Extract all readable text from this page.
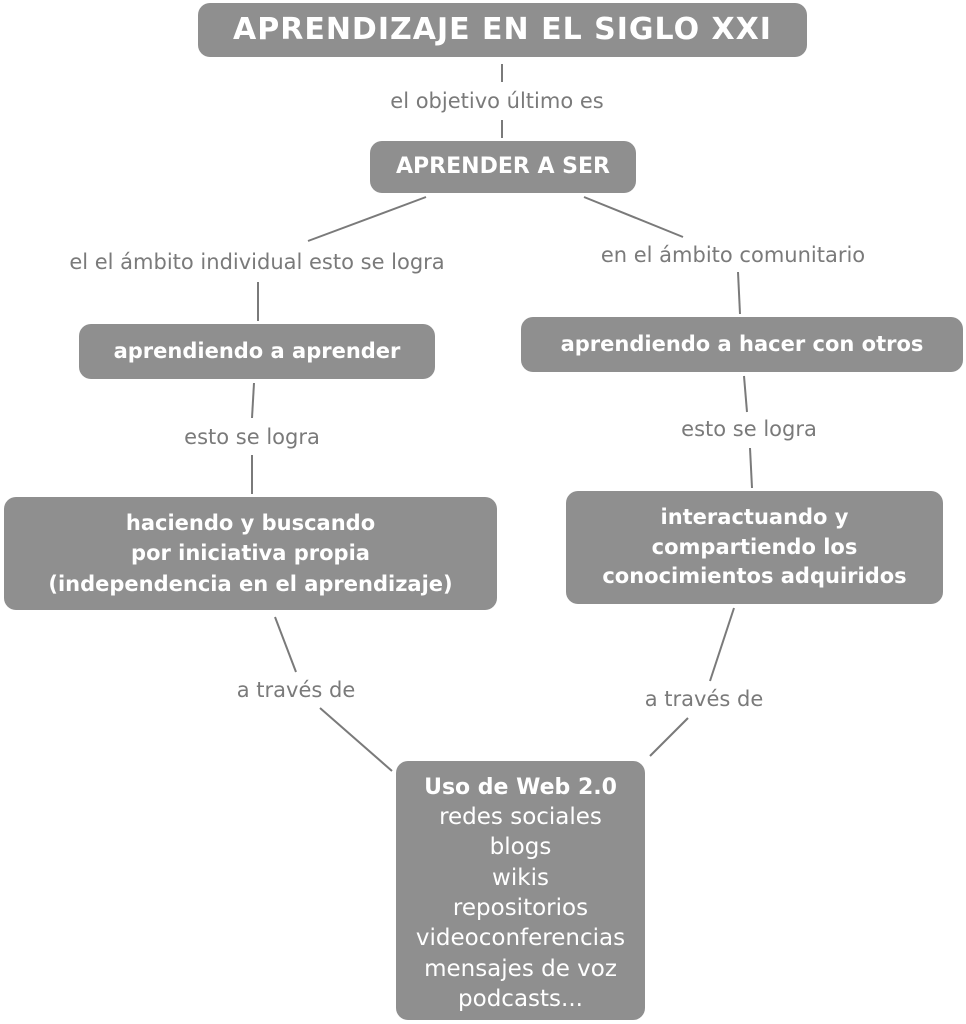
APRENDIZAJE EN EL SIGLO XXI
APRENDER A SER
aprendiendo a aprender	aprendiendo a hacer con otros
haciendo y buscando
por iniciativa propia
(independencia en el aprendizaje)
interactuando y
compartiendo los
conocimientos adquiridos
Uso de Web 2.0
redes sociales
blogs
wikis
repositorios
videoconferencias
mensajes de voz
podcasts...
el objetivo último es
el el ámbito individual esto se logra	en el ámbito comunitario
esto se logra	esto se logra
a través de	a través de
